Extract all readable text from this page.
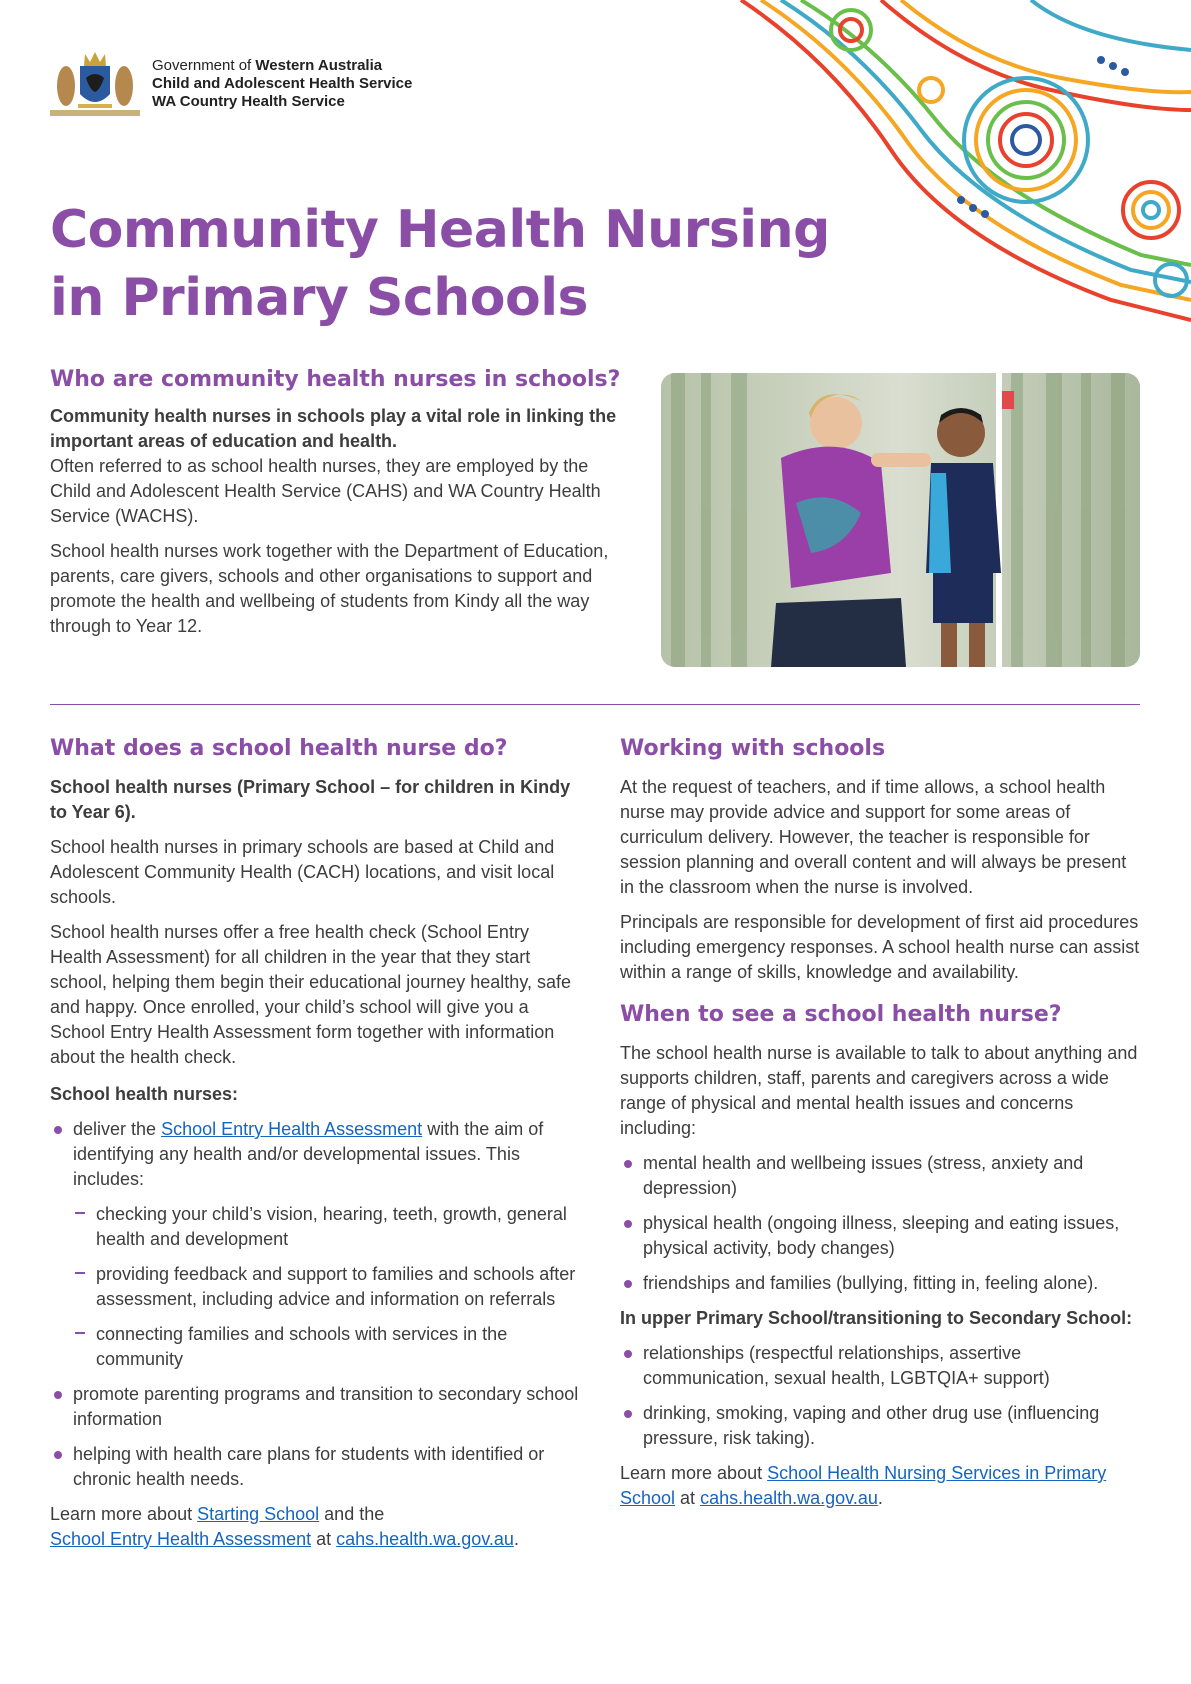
Government of Western Australia
Child and Adolescent Health Service
WA Country Health Service
Community Health Nursing
in Primary Schools
Who are community health nurses in schools?

Community health nurses in schools play a vital role in linking the important areas of education and health.

Often referred to as school health nurses, they are employed by the Child and Adolescent Health Service (CAHS) and WA Country Health Service (WACHS).

School health nurses work together with the Department of Education, parents, care givers, schools and other organisations to support and promote the health and wellbeing of students from Kindy all the way through to Year 12.

What does a school health nurse do?

School health nurses (Primary School – for children in Kindy to Year 6).

School health nurses in primary schools are based at Child and Adolescent Community Health (CACH) locations, and visit local schools.

School health nurses offer a free health check (School Entry Health Assessment) for all children in the year that they start school, helping them begin their educational journey healthy, safe and happy. Once enrolled, your child’s school will give you a School Entry Health Assessment form together with information about the health check.

School health nurses:
deliver the School Entry Health Assessment with the aim of identifying any health and/or developmental issues. This includes:
checking your child’s vision, hearing, teeth, growth, general health and development
providing feedback and support to families and schools after assessment, including advice and information on referrals
connecting families and schools with services in the community
promote parenting programs and transition to secondary school information
helping with health care plans for students with identified or chronic health needs.

Learn more about Starting School and the
School Entry Health Assessment at cahs.health.wa.gov.au.

Working with schools

At the request of teachers, and if time allows, a school health nurse may provide advice and support for some areas of curriculum delivery. However, the teacher is responsible for session planning and overall content and will always be present in the classroom when the nurse is involved.

Principals are responsible for development of first aid procedures including emergency responses. A school health nurse can assist within a range of skills, knowledge and availability.

When to see a school health nurse?

The school health nurse is available to talk to about anything and supports children, staff, parents and caregivers across a wide range of physical and mental health issues and concerns including:

mental health and wellbeing issues (stress, anxiety and depression)
physical health (ongoing illness, sleeping and eating issues, physical activity, body changes)
friendships and families (bullying, fitting in, feeling alone).
In upper Primary School/transitioning to Secondary School:
relationships (respectful relationships, assertive communication, sexual health, LGBTQIA+ support)
drinking, smoking, vaping and other drug use (influencing pressure, risk taking).

Learn more about School Health Nursing Services in Primary School at cahs.health.wa.gov.au.
